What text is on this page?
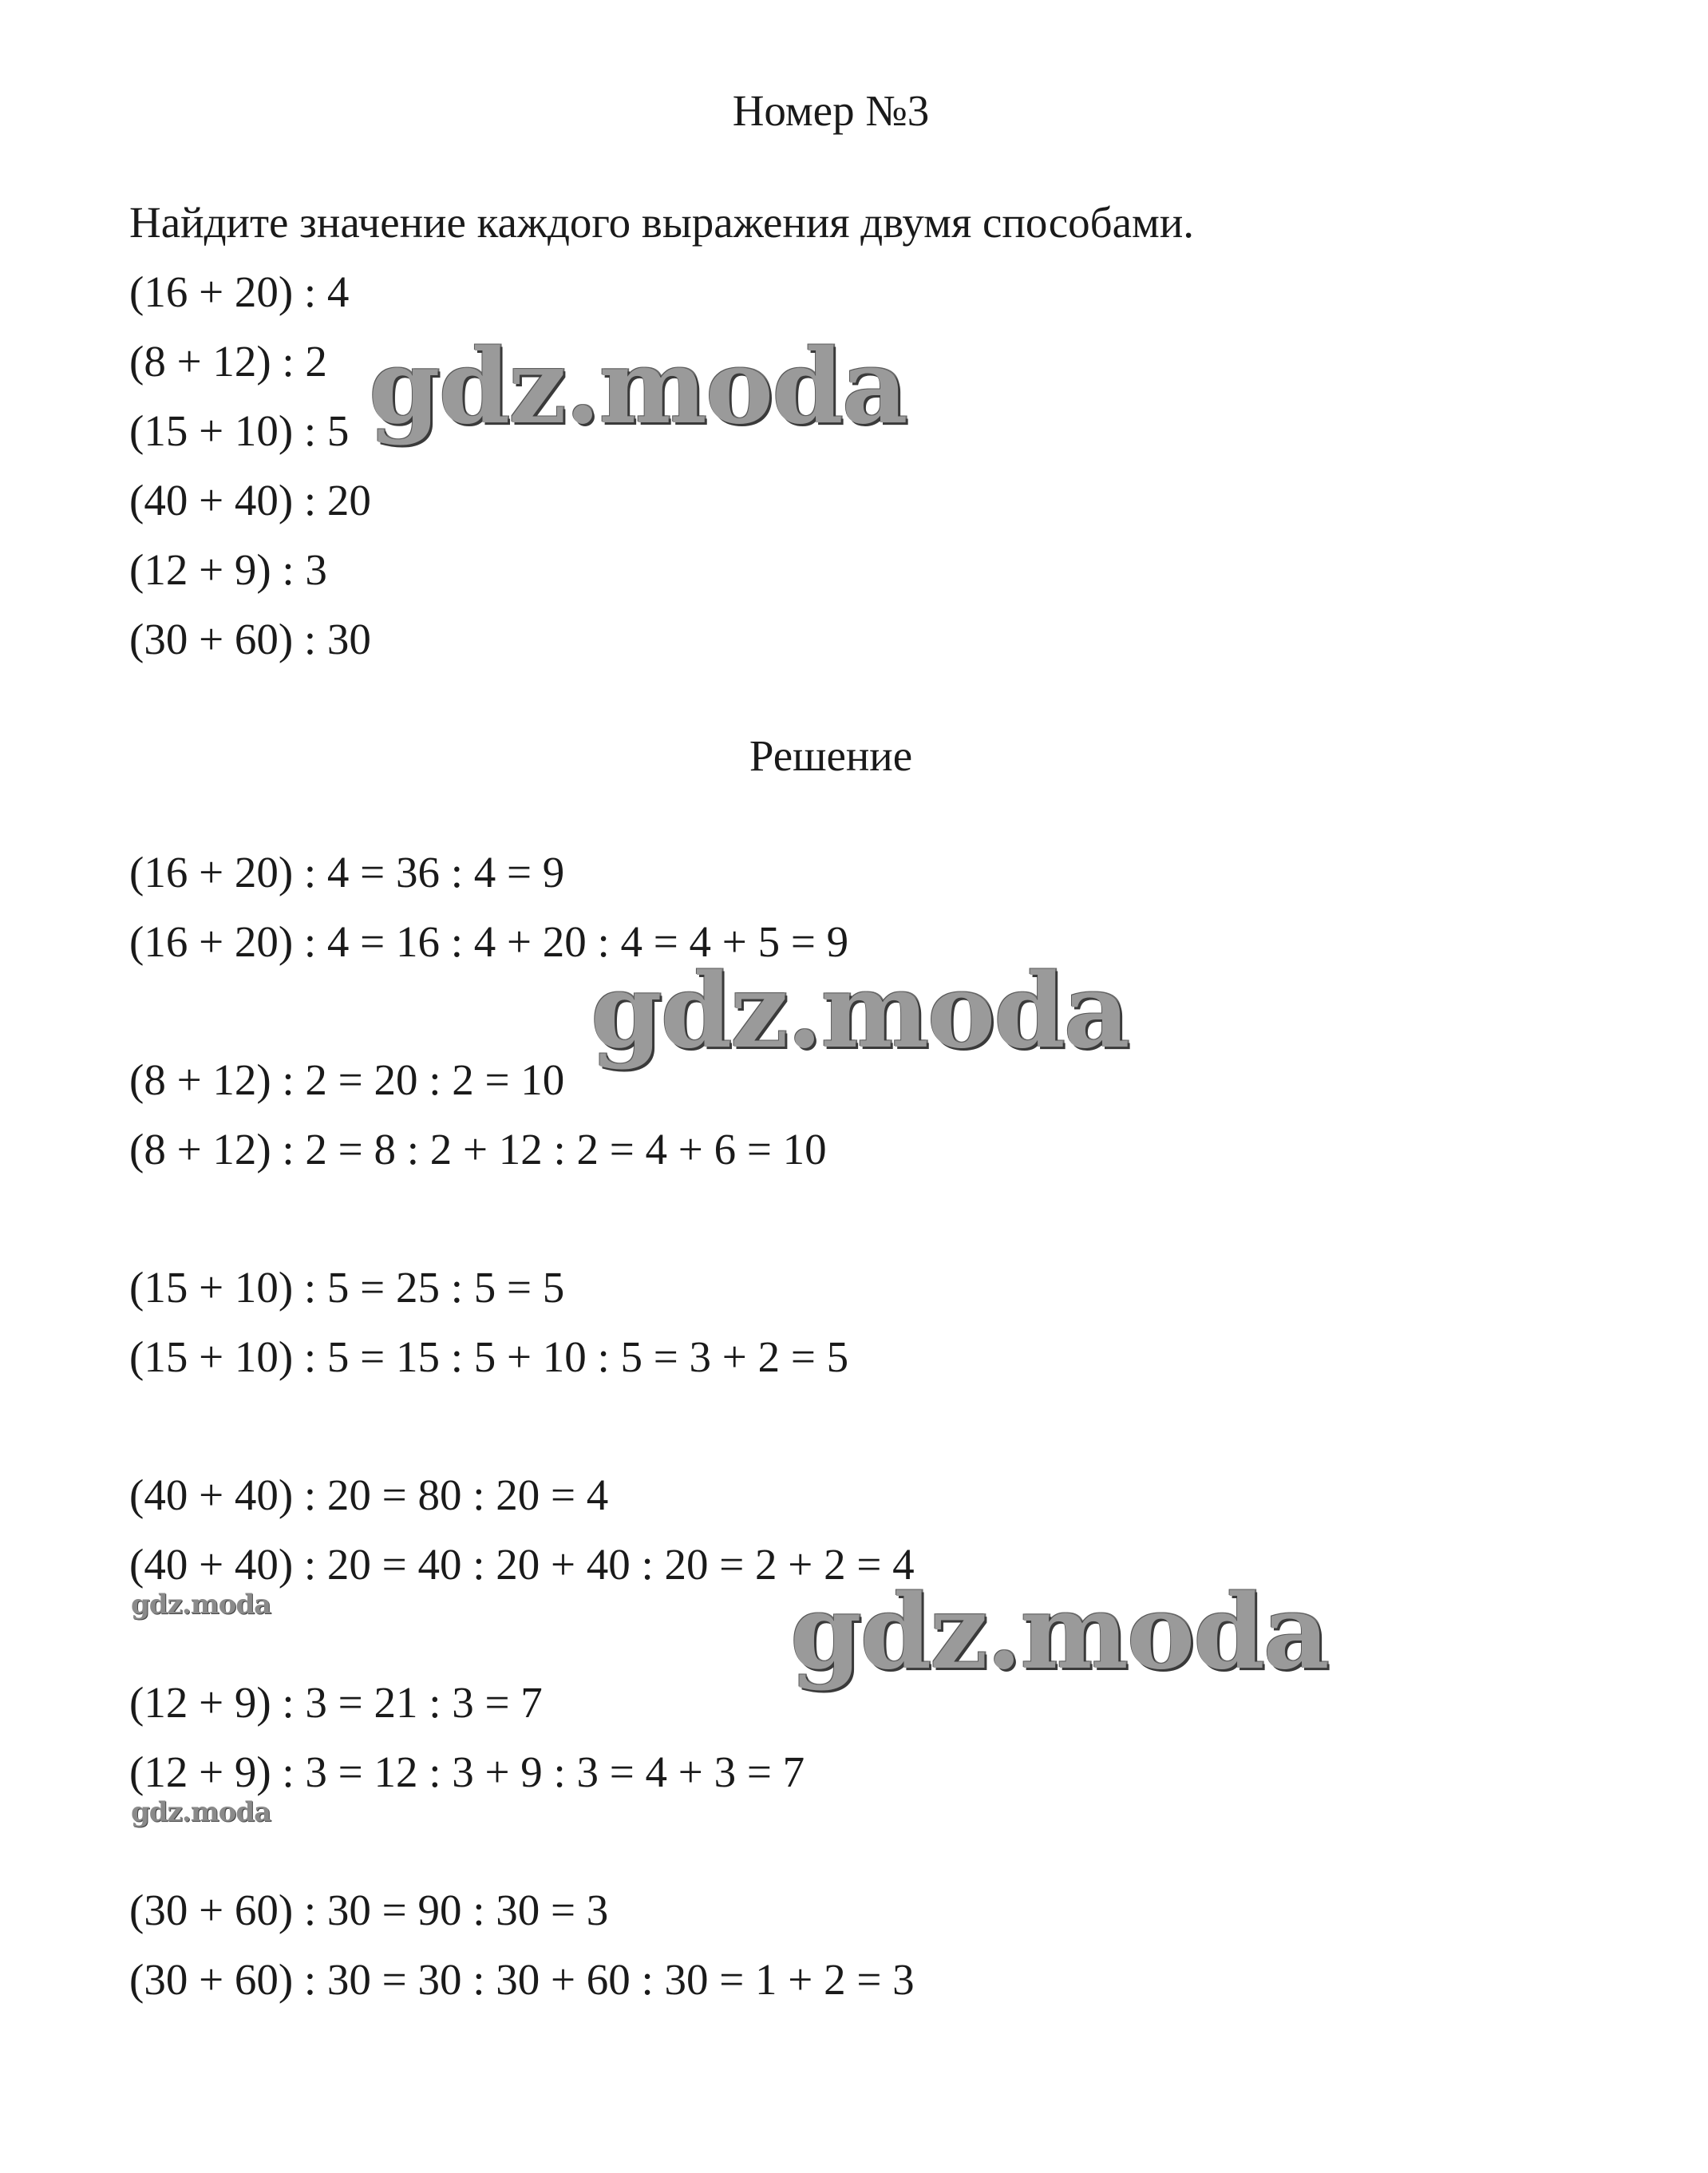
Номер №3
Найдите значение каждого выражения двумя способами.
(16 + 20) : 4
(8 + 12) : 2
(15 + 10) : 5
(40 + 40) : 20
(12 + 9) : 3
(30 + 60) : 30
Решение
(16 + 20) : 4 = 36 : 4 = 9
(16 + 20) : 4 = 16 : 4 + 20 : 4 = 4 + 5 = 9
(8 + 12) : 2 = 20 : 2 = 10
(8 + 12) : 2 = 8 : 2 + 12 : 2 = 4 + 6 = 10
(15 + 10) : 5 = 25 : 5 = 5
(15 + 10) : 5 = 15 : 5 + 10 : 5 = 3 + 2 = 5
(40 + 40) : 20 = 80 : 20 = 4
(40 + 40) : 20 = 40 : 20 + 40 : 20 = 2 + 2 = 4
(12 + 9) : 3 = 21 : 3 = 7
(12 + 9) : 3 = 12 : 3 + 9 : 3 = 4 + 3 = 7
(30 + 60) : 30 = 90 : 30 = 3
(30 + 60) : 30 = 30 : 30 + 60 : 30 = 1 + 2 = 3
gdz.moda
gdz.moda
gdz.moda
gdz.moda
gdz.moda
